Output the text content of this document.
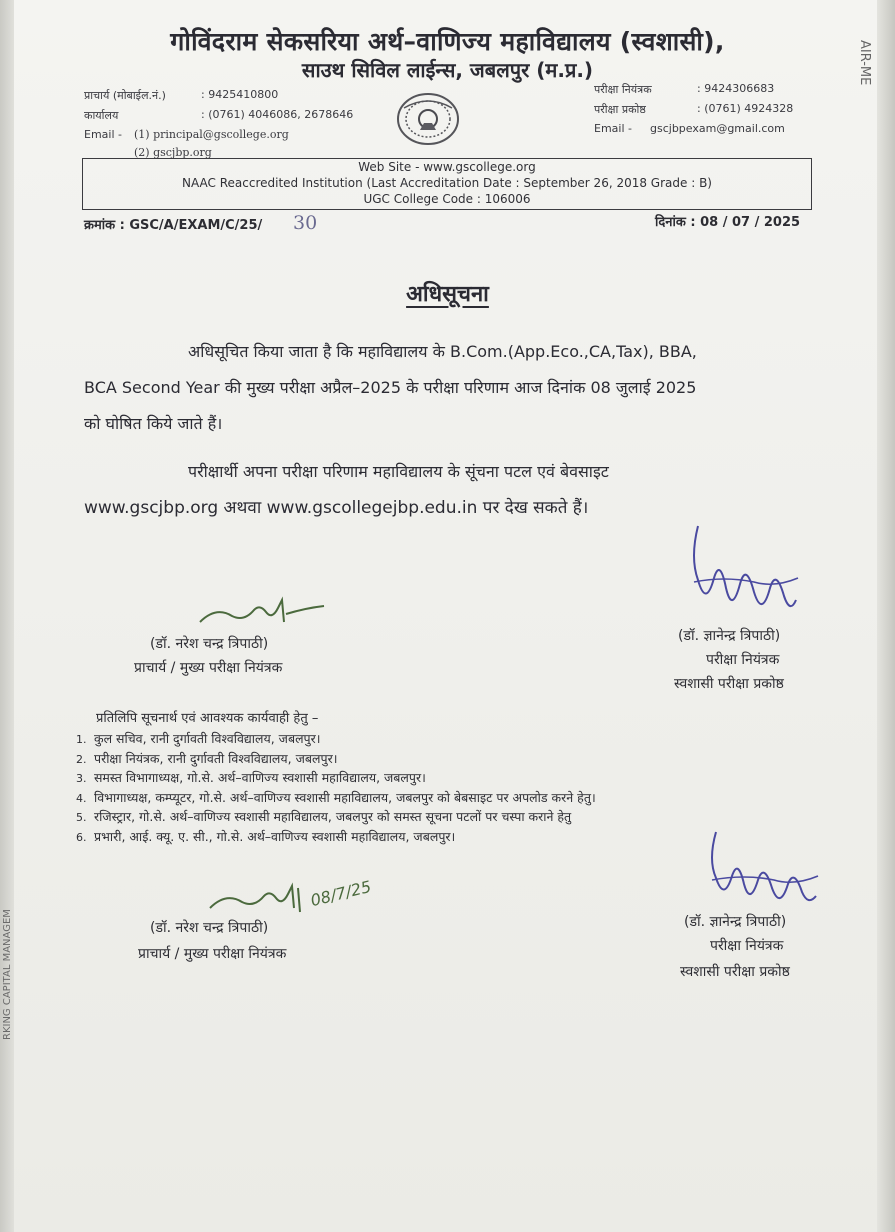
AIR-ME
RKING CAPITAL MANAGEM
गोविंदराम सेकसरिया अर्थ–वाणिज्य महाविद्यालय (स्वशासी),
साउथ सिविल लाईन्स, जबलपुर (म.प्र.)
प्राचार्य (मोबाईल.नं.)	: 9425410800
कार्यालय	: (0761) 4046086, 2678646
Email - (1) principal@gscollege.org
(2) gscjbp.org
परीक्षा नियंत्रक	: 9424306683
परीक्षा प्रकोष्ठ	: (0761) 4924328
Email - gscjbpexam@gmail.com
Web Site - www.gscollege.org
NAAC Reaccredited Institution (Last Accreditation Date : September 26, 2018 Grade : B)
UGC College Code : 106006
क्रमांक : GSC/A/EXAM/C/25/ 30	दिनांक : 08 / 07 / 2025
अधिसूचना
अधिसूचित किया जाता है कि महाविद्यालय के B.Com.(App.Eco.,CA,Tax), BBA,
BCA Second Year की मुख्य परीक्षा अप्रैल–2025 के परीक्षा परिणाम आज दिनांक 08 जुलाई 2025
को घोषित किये जाते हैं।
परीक्षार्थी अपना परीक्षा परिणाम महाविद्यालय के सूंचना पटल एवं बेवसाइट
www.gscjbp.org अथवा www.gscollegejbp.edu.in पर देख सकते हैं।
(डॉ. नरेश चन्द्र त्रिपाठी)
प्राचार्य / मुख्य परीक्षा नियंत्रक
(डॉ. ज्ञानेन्द्र त्रिपाठी)
परीक्षा नियंत्रक
स्वशासी परीक्षा प्रकोष्ठ
प्रतिलिपि सूचनार्थ एवं आवश्यक कार्यवाही हेतु –
1. कुल सचिव, रानी दुर्गावती विश्वविद्यालय, जबलपुर।
2. परीक्षा नियंत्रक, रानी दुर्गावती विश्वविद्यालय, जबलपुर।
3. समस्त विभागाध्यक्ष, गो.से. अर्थ–वाणिज्य स्वशासी महाविद्यालय, जबलपुर।
4. विभागाध्यक्ष, कम्प्यूटर, गो.से. अर्थ–वाणिज्य स्वशासी महाविद्यालय, जबलपुर को बेबसाइट पर अपलोड करने हेतु।
5. रजिस्ट्रार, गो.से. अर्थ–वाणिज्य स्वशासी महाविद्यालय, जबलपुर को समस्त सूचना पटलों पर चस्पा कराने हेतु
6. प्रभारी, आई. क्यू. ए. सी., गो.से. अर्थ–वाणिज्य स्वशासी महाविद्यालय, जबलपुर।
08/7/25
(डॉ. नरेश चन्द्र त्रिपाठी)
प्राचार्य / मुख्य परीक्षा नियंत्रक
(डॉ. ज्ञानेन्द्र त्रिपाठी)
परीक्षा नियंत्रक
स्वशासी परीक्षा प्रकोष्ठ
